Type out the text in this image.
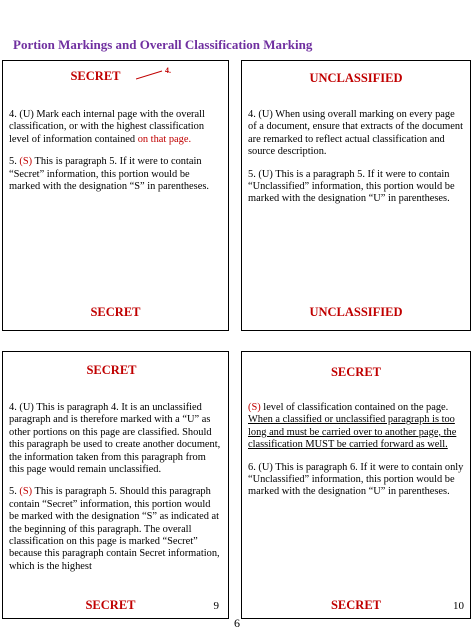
Portion Markings and Overall Classification Marking
SECRET	4.

4. (U) Mark each internal page with the overall classification, or with the highest classification level of information contained on that page.

5. (S) This is paragraph 5. If it were to contain “Secret” information, this portion would be marked with the designation “S” in parentheses.

SECRET
UNCLASSIFIED

4. (U) When using overall marking on every page of a document, ensure that extracts of the document are remarked to reflect actual classification and source description.

5. (U) This is a paragraph 5. If it were to contain “Unclassified” information, this portion would be marked with the designation “U” in parentheses.

UNCLASSIFIED
SECRET

4. (U) This is paragraph 4. It is an unclassified paragraph and is therefore marked with a “U” as other portions on this page are classified. Should this paragraph be used to create another document, the information taken from this paragraph from this page would remain unclassified.

5. (S) This is paragraph 5. Should this paragraph contain “Secret” information, this portion would be marked with the designation “S” as indicated at the beginning of this paragraph. The overall classification on this page is marked “Secret” because this paragraph contain Secret information, which is the highest

SECRET	9
SECRET

(S) level of classification contained on the page. When a classified or unclassified paragraph is too long and must be carried over to another page, the classification MUST be carried forward as well.

6. (U) This is paragraph 6. If it were to contain only “Unclassified” information, this portion would be marked with the designation “U” in parentheses.

SECRET	10
6
